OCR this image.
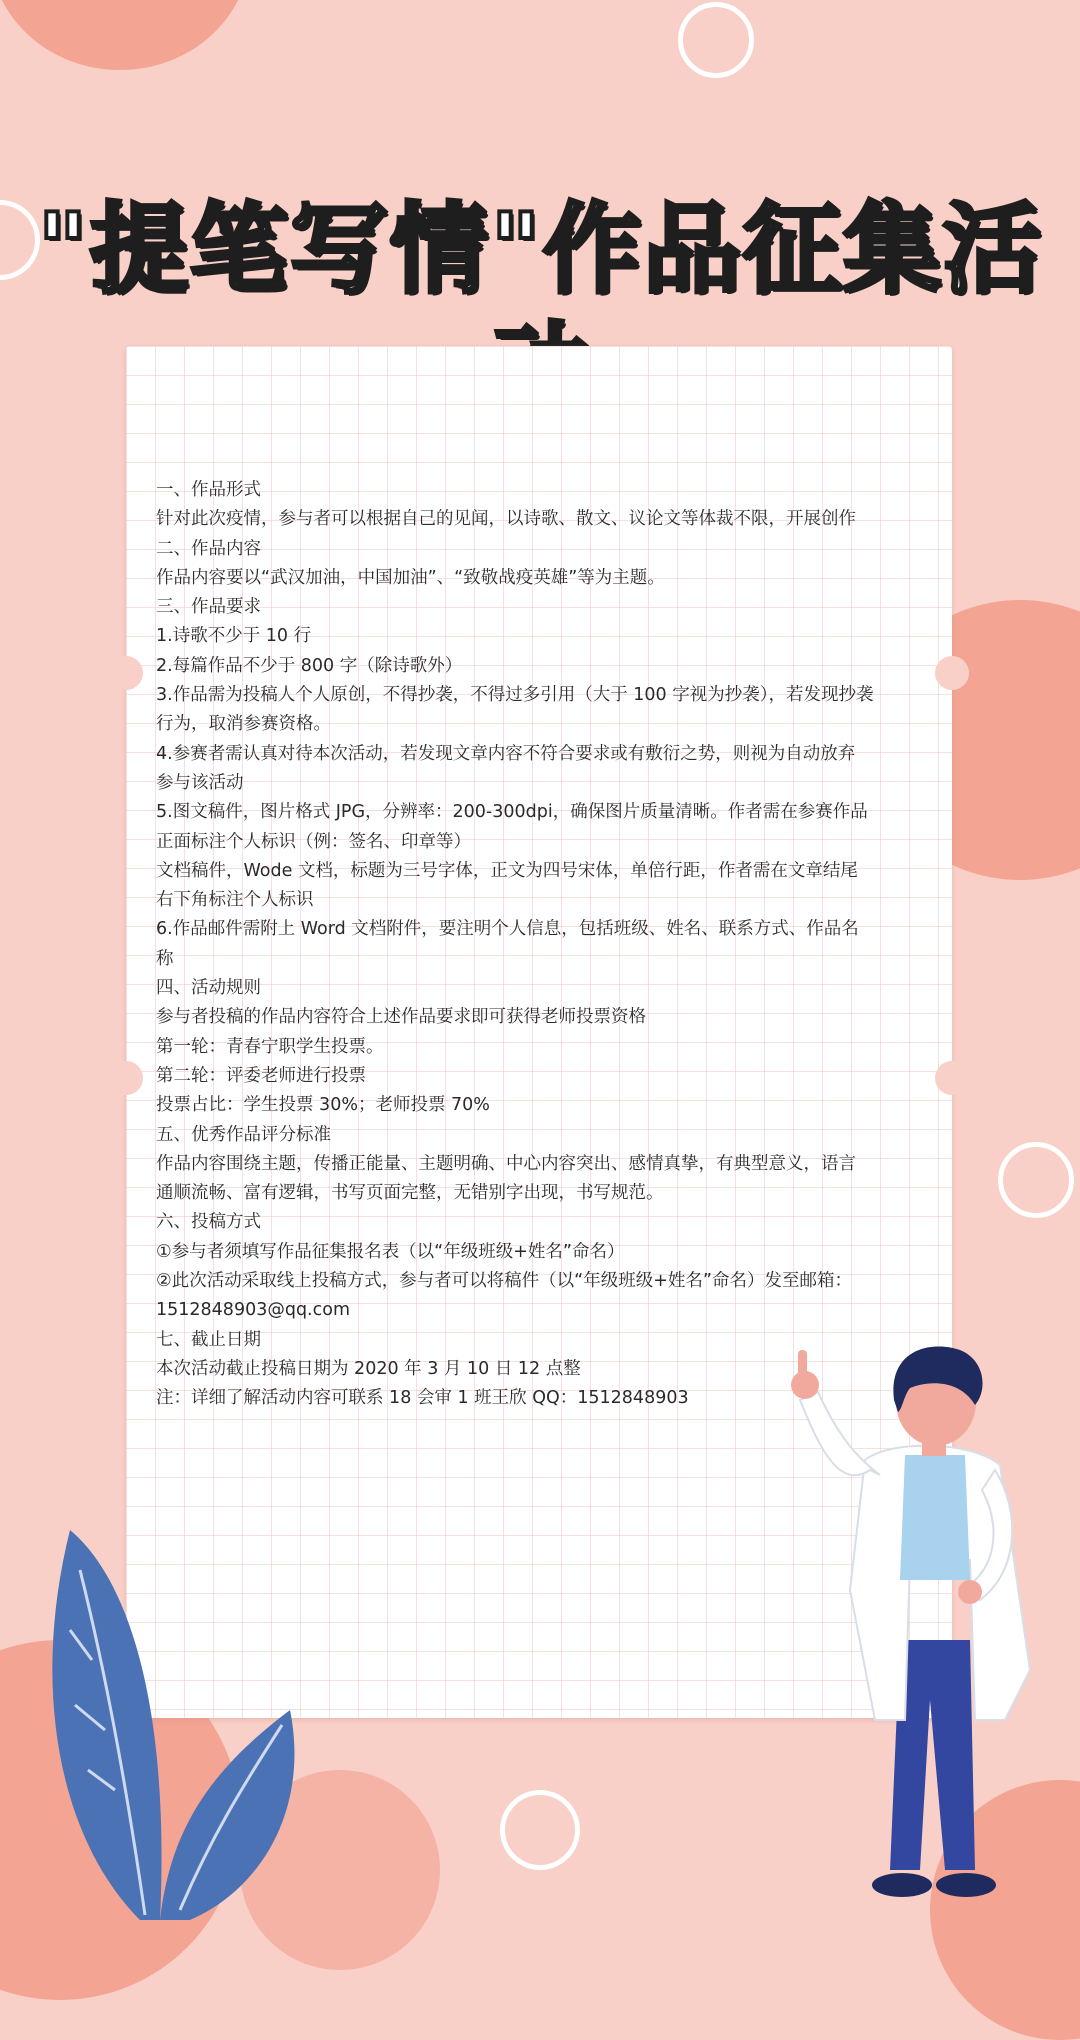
"提笔写情"作品征集活

一、作品形式

针对此次疫情，参与者可以根据自己的见闻，以诗歌、散文、议论文等体裁不限，开展创作

二、作品内容

作品内容要以“武汉加油，中国加油”、“致敬战疫英雄”等为主题。

三、作品要求

1.诗歌不少于 10 行

2.每篇作品不少于 800 字（除诗歌外）

3.作品需为投稿人个人原创，不得抄袭，不得过多引用（大于 100 字视为抄袭），若发现抄袭

行为，取消参赛资格。

4.参赛者需认真对待本次活动，若发现文章内容不符合要求或有敷衍之势，则视为自动放弃

参与该活动

5.图文稿件，图片格式 JPG，分辨率：200-300dpi，确保图片质量清晰。作者需在参赛作品

正面标注个人标识（例：签名、印章等）

文档稿件，Wode 文档，标题为三号字体，正文为四号宋体，单倍行距，作者需在文章结尾

右下角标注个人标识

6.作品邮件需附上 Word 文档附件，要注明个人信息，包括班级、姓名、联系方式、作品名

称

四、活动规则

参与者投稿的作品内容符合上述作品要求即可获得老师投票资格

第一轮：青春宁职学生投票。

第二轮：评委老师进行投票

投票占比：学生投票 30%；老师投票 70%

五、优秀作品评分标准

作品内容围绕主题，传播正能量、主题明确、中心内容突出、感情真挚，有典型意义，语言

通顺流畅、富有逻辑，书写页面完整，无错别字出现，书写规范。

六、投稿方式

①参与者须填写作品征集报名表（以“年级班级+姓名”命名）

②此次活动采取线上投稿方式，参与者可以将稿件（以“年级班级+姓名”命名）发至邮箱：

1512848903@qq.com

七、截止日期

本次活动截止投稿日期为 2020 年 3 月 10 日 12 点整

注：详细了解活动内容可联系 18 会审 1 班王欣 QQ：1512848903
